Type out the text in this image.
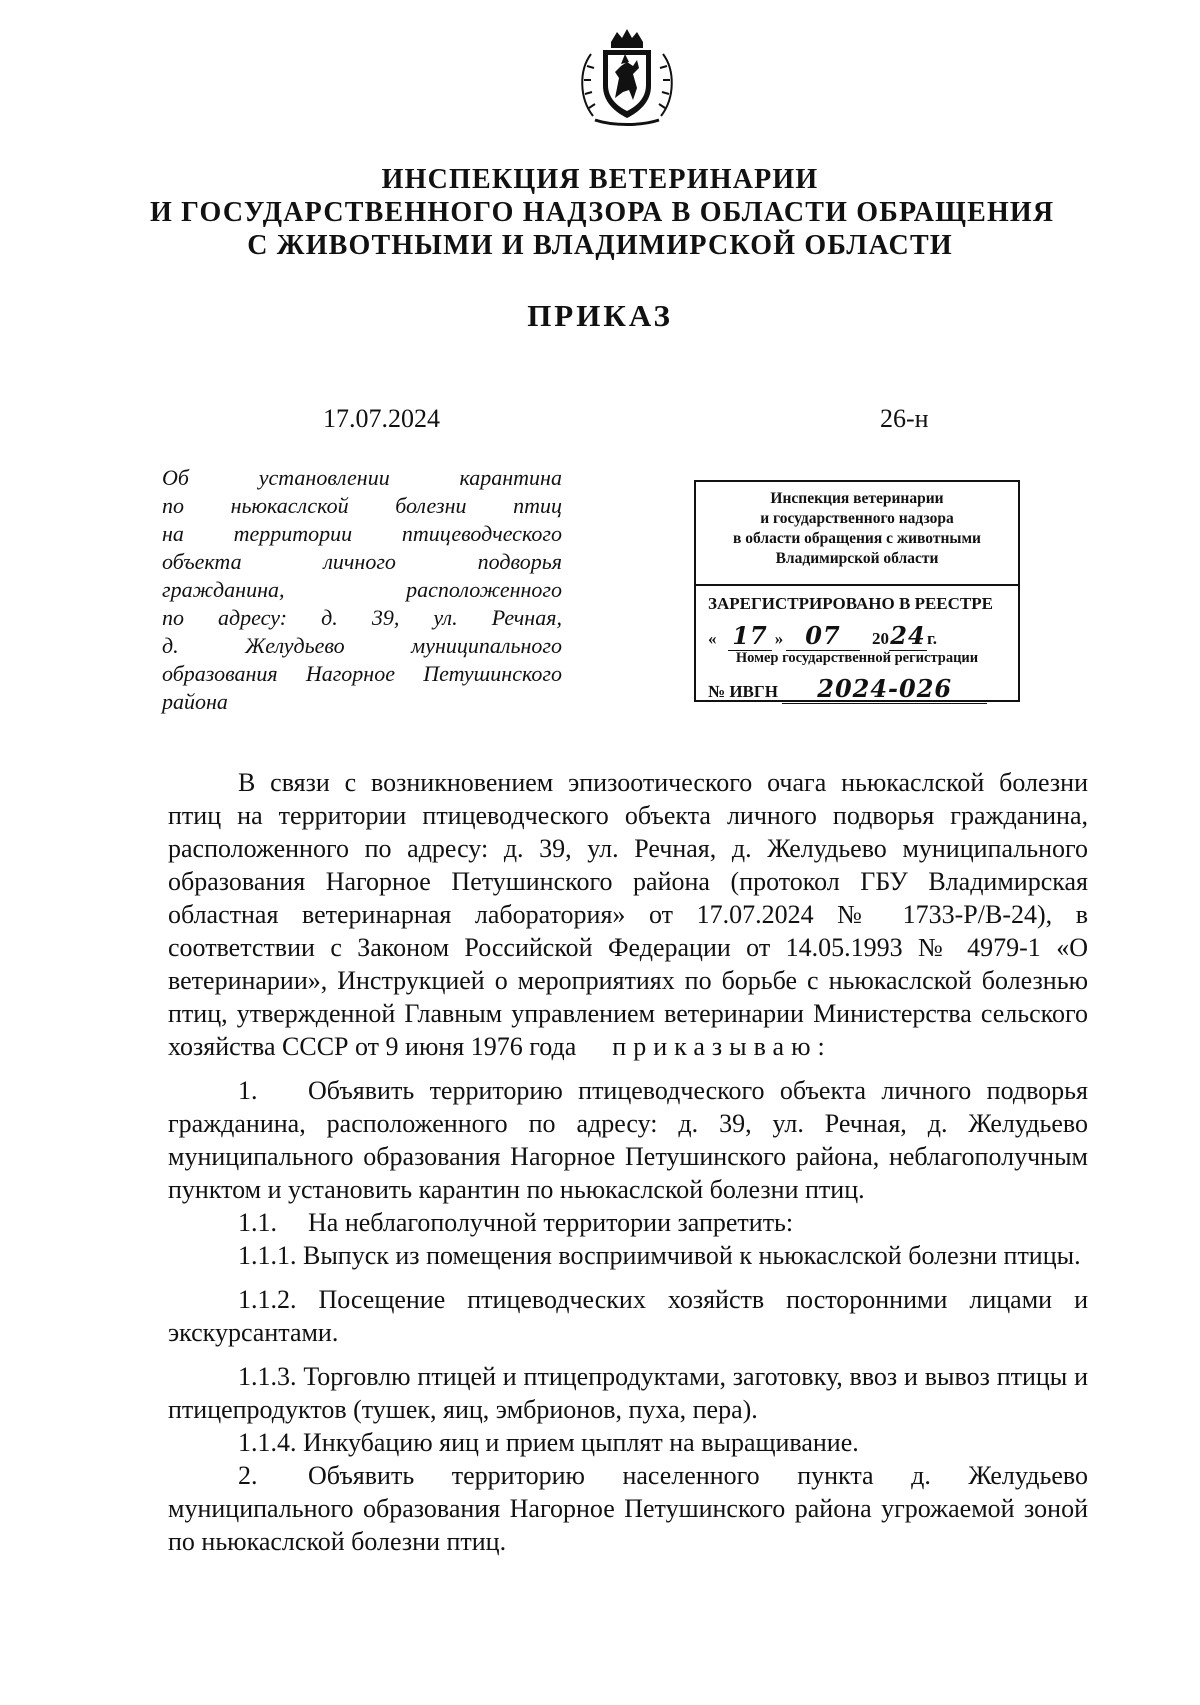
ИНСПЕКЦИЯ ВЕТЕРИНАРИИ
И ГОСУДАРСТВЕННОГО НАДЗОРА В ОБЛАСТИ ОБРАЩЕНИЯ
С ЖИВОТНЫМИ И ВЛАДИМИРСКОЙ ОБЛАСТИ
ПРИКАЗ
17.07.2024	26-н
Об	установлении	карантина
по ньюкаслской болезни птиц
на территории птицеводческого
объекта	личного	подворья
гражданина,	расположенного
по адресу: д. 39, ул. Речная,
д.	Желудьево	муниципального
образования Нагорное Петушинского
района
Инспекция ветеринарии
и государственного надзора
в области обращения с животными
Владимирской области
ЗАРЕГИСТРИРОВАНО В РЕЕСТРЕ
« 17 » 07 2024г.
Номер государственной регистрации
№ ИВГН 2024-026
В связи с возникновением эпизоотического очага ньюкаслской болезни птиц на территории птицеводческого объекта личного подворья гражданина, расположенного по адресу: д. 39, ул. Речная, д. Желудьево муниципального образования Нагорное Петушинского района (протокол ГБУ Владимирская областная ветеринарная лаборатория» от 17.07.2024 № 1733-Р/В-24), в соответствии с Законом Российской Федерации от 14.05.1993 № 4979-1 «О ветеринарии», Инструкцией о мероприятиях по борьбе с ньюкаслской болезнью птиц, утвержденной Главным управлением ветеринарии Министерства сельского хозяйства СССР от 9 июня 1976 года приказываю:
1. Объявить территорию птицеводческого объекта личного подворья гражданина, расположенного по адресу: д. 39, ул. Речная, д. Желудьево муниципального образования Нагорное Петушинского района, неблагополучным пунктом и установить карантин по ньюкаслской болезни птиц.
1.1. На неблагополучной территории запретить:
1.1.1. Выпуск из помещения восприимчивой к ньюкаслской болезни птицы.
1.1.2. Посещение птицеводческих хозяйств посторонними лицами и экскурсантами.
1.1.3. Торговлю птицей и птицепродуктами, заготовку, ввоз и вывоз птицы и птицепродуктов (тушек, яиц, эмбрионов, пуха, пера).
1.1.4. Инкубацию яиц и прием цыплят на выращивание.
2. Объявить территорию населенного пункта д. Желудьево муниципального образования Нагорное Петушинского района угрожаемой зоной по ньюкаслской болезни птиц.
